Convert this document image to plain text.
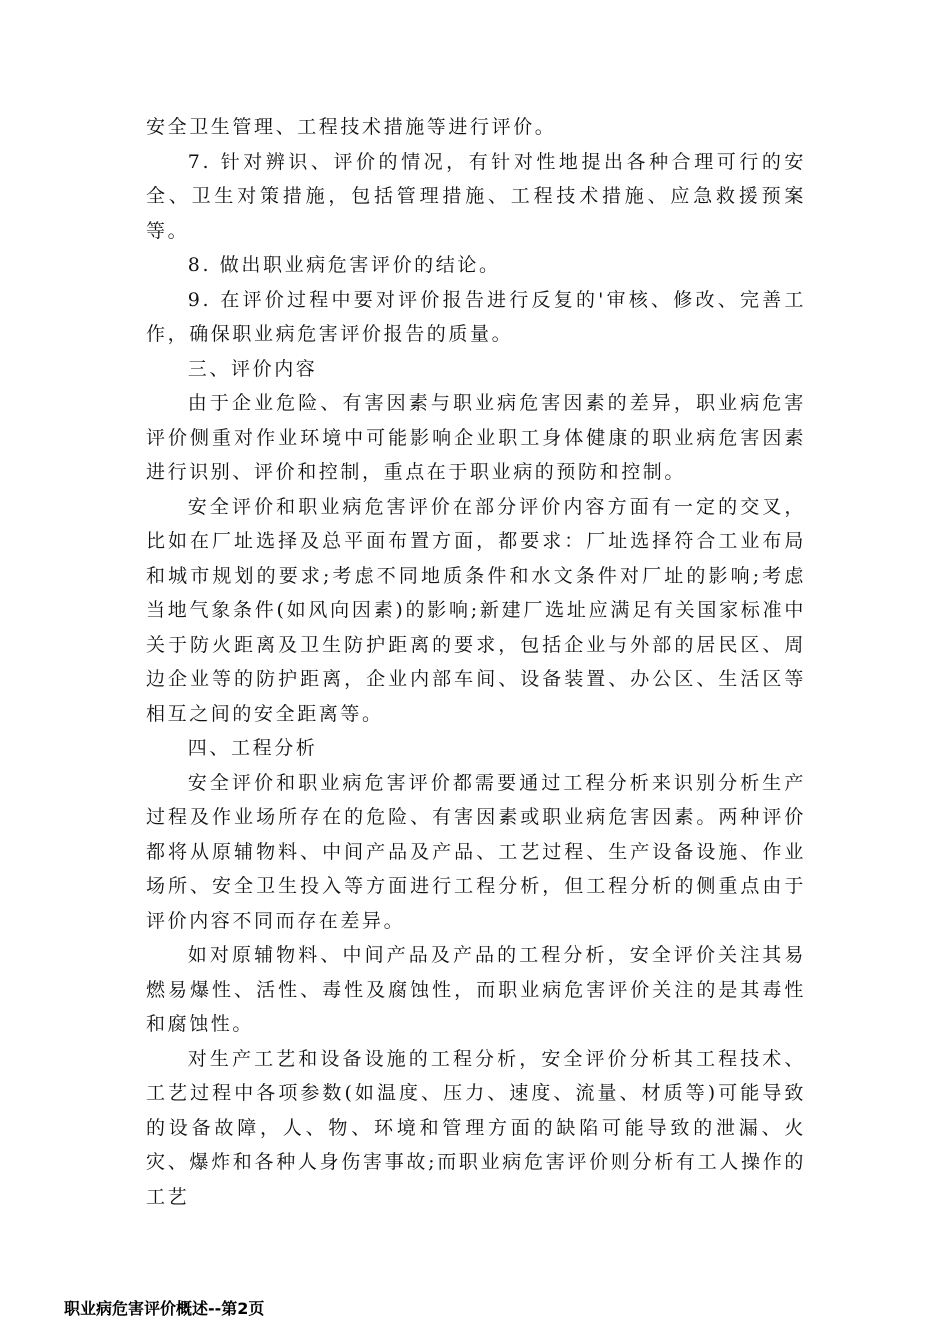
安全卫生管理、工程技术措施等进行评价。

7. 针对辨识、评价的情况，有针对性地提出各种合理可行的安全、卫生对策措施，包括管理措施、工程技术措施、应急救援预案等。

8. 做出职业病危害评价的结论。

9. 在评价过程中要对评价报告进行反复的'审核、修改、完善工作，确保职业病危害评价报告的质量。

三、评价内容

由于企业危险、有害因素与职业病危害因素的差异，职业病危害评价侧重对作业环境中可能影响企业职工身体健康的职业病危害因素进行识别、评价和控制，重点在于职业病的预防和控制。

安全评价和职业病危害评价在部分评价内容方面有一定的交叉，比如在厂址选择及总平面布置方面，都要求：厂址选择符合工业布局和城市规划的要求;考虑不同地质条件和水文条件对厂址的影响;考虑当地气象条件(如风向因素)的影响;新建厂选址应满足有关国家标准中关于防火距离及卫生防护距离的要求，包括企业与外部的居民区、周边企业等的防护距离，企业内部车间、设备装置、办公区、生活区等相互之间的安全距离等。

四、工程分析

安全评价和职业病危害评价都需要通过工程分析来识别分析生产过程及作业场所存在的危险、有害因素或职业病危害因素。两种评价都将从原辅物料、中间产品及产品、工艺过程、生产设备设施、作业场所、安全卫生投入等方面进行工程分析，但工程分析的侧重点由于评价内容不同而存在差异。

如对原辅物料、中间产品及产品的工程分析，安全评价关注其易燃易爆性、活性、毒性及腐蚀性，而职业病危害评价关注的是其毒性和腐蚀性。

对生产工艺和设备设施的工程分析，安全评价分析其工程技术、工艺过程中各项参数(如温度、压力、速度、流量、材质等)可能导致的设备故障，人、物、环境和管理方面的缺陷可能导致的泄漏、火灾、爆炸和各种人身伤害事故;而职业病危害评价则分析有工人操作的工艺

职业病危害评价概述--第2页
